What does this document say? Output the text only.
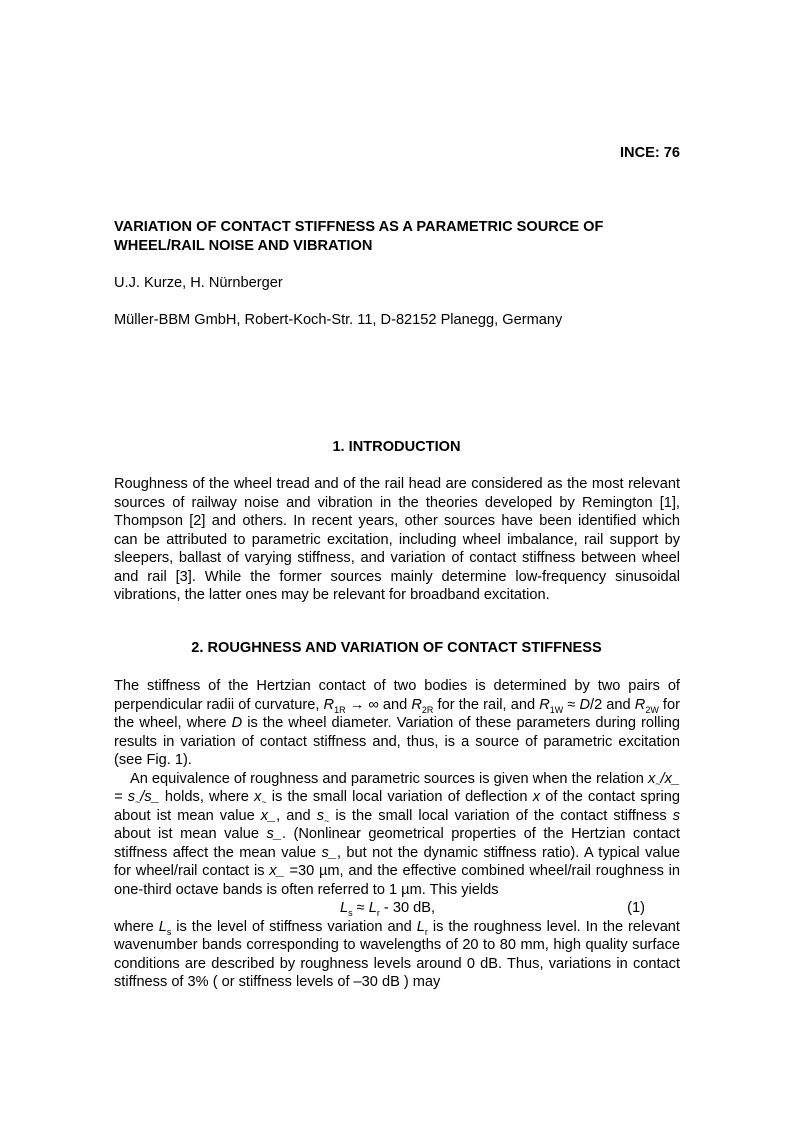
INCE: 76
VARIATION OF CONTACT STIFFNESS AS A PARAMETRIC SOURCE OF WHEEL/RAIL NOISE AND VIBRATION
U.J. Kurze, H. Nürnberger
Müller-BBM GmbH, Robert-Koch-Str. 11, D-82152 Planegg, Germany
1. INTRODUCTION
Roughness of the wheel tread and of the rail head are considered as the most relevant sources of railway noise and vibration in the theories developed by Remington [1], Thompson [2] and others. In recent years, other sources have been identified which can be attributed to parametric excitation, including wheel imbalance, rail support by sleepers, ballast of varying stiffness, and variation of contact stiffness between wheel and rail [3]. While the former sources mainly determine low-frequency sinusoidal vibrations, the latter ones may be relevant for broadband excitation.
2. ROUGHNESS AND VARIATION OF CONTACT STIFFNESS
The stiffness of the Hertzian contact of two bodies is determined by two pairs of perpendicular radii of curvature, $R_{1R}$ → ∞ and $R_{2R}$ for the rail, and $R_{1W} \approx D/2$ and $R_{2W}$ for the wheel, where D is the wheel diameter. Variation of these parameters during rolling results in variation of contact stiffness and, thus, is a source of parametric excitation (see Fig. 1).
An equivalence of roughness and parametric sources is given when the relation $x_\sim/x\_$ = $s_\sim/s\_$ holds, where $x_\sim$ is the small local variation of deflection x of the contact spring about ist mean value x_, and $s_\sim$ is the small local variation of the contact stiffness s about ist mean value s_. (Nonlinear geometrical properties of the Hertzian contact stiffness affect the mean value s_, but not the dynamic stiffness ratio). A typical value for wheel/rail contact is x_ =30 µm, and the effective combined wheel/rail roughness in one-third octave bands is often referred to 1 µm. This yields
$L_s \approx L_r - 30$ dB,	(1)
where $L_s$ is the level of stiffness variation and $L_r$ is the roughness level. In the relevant wavenumber bands corresponding to wavelengths of 20 to 80 mm, high quality surface conditions are described by roughness levels around 0 dB. Thus, variations in contact stiffness of 3% ( or stiffness levels of –30 dB ) may
